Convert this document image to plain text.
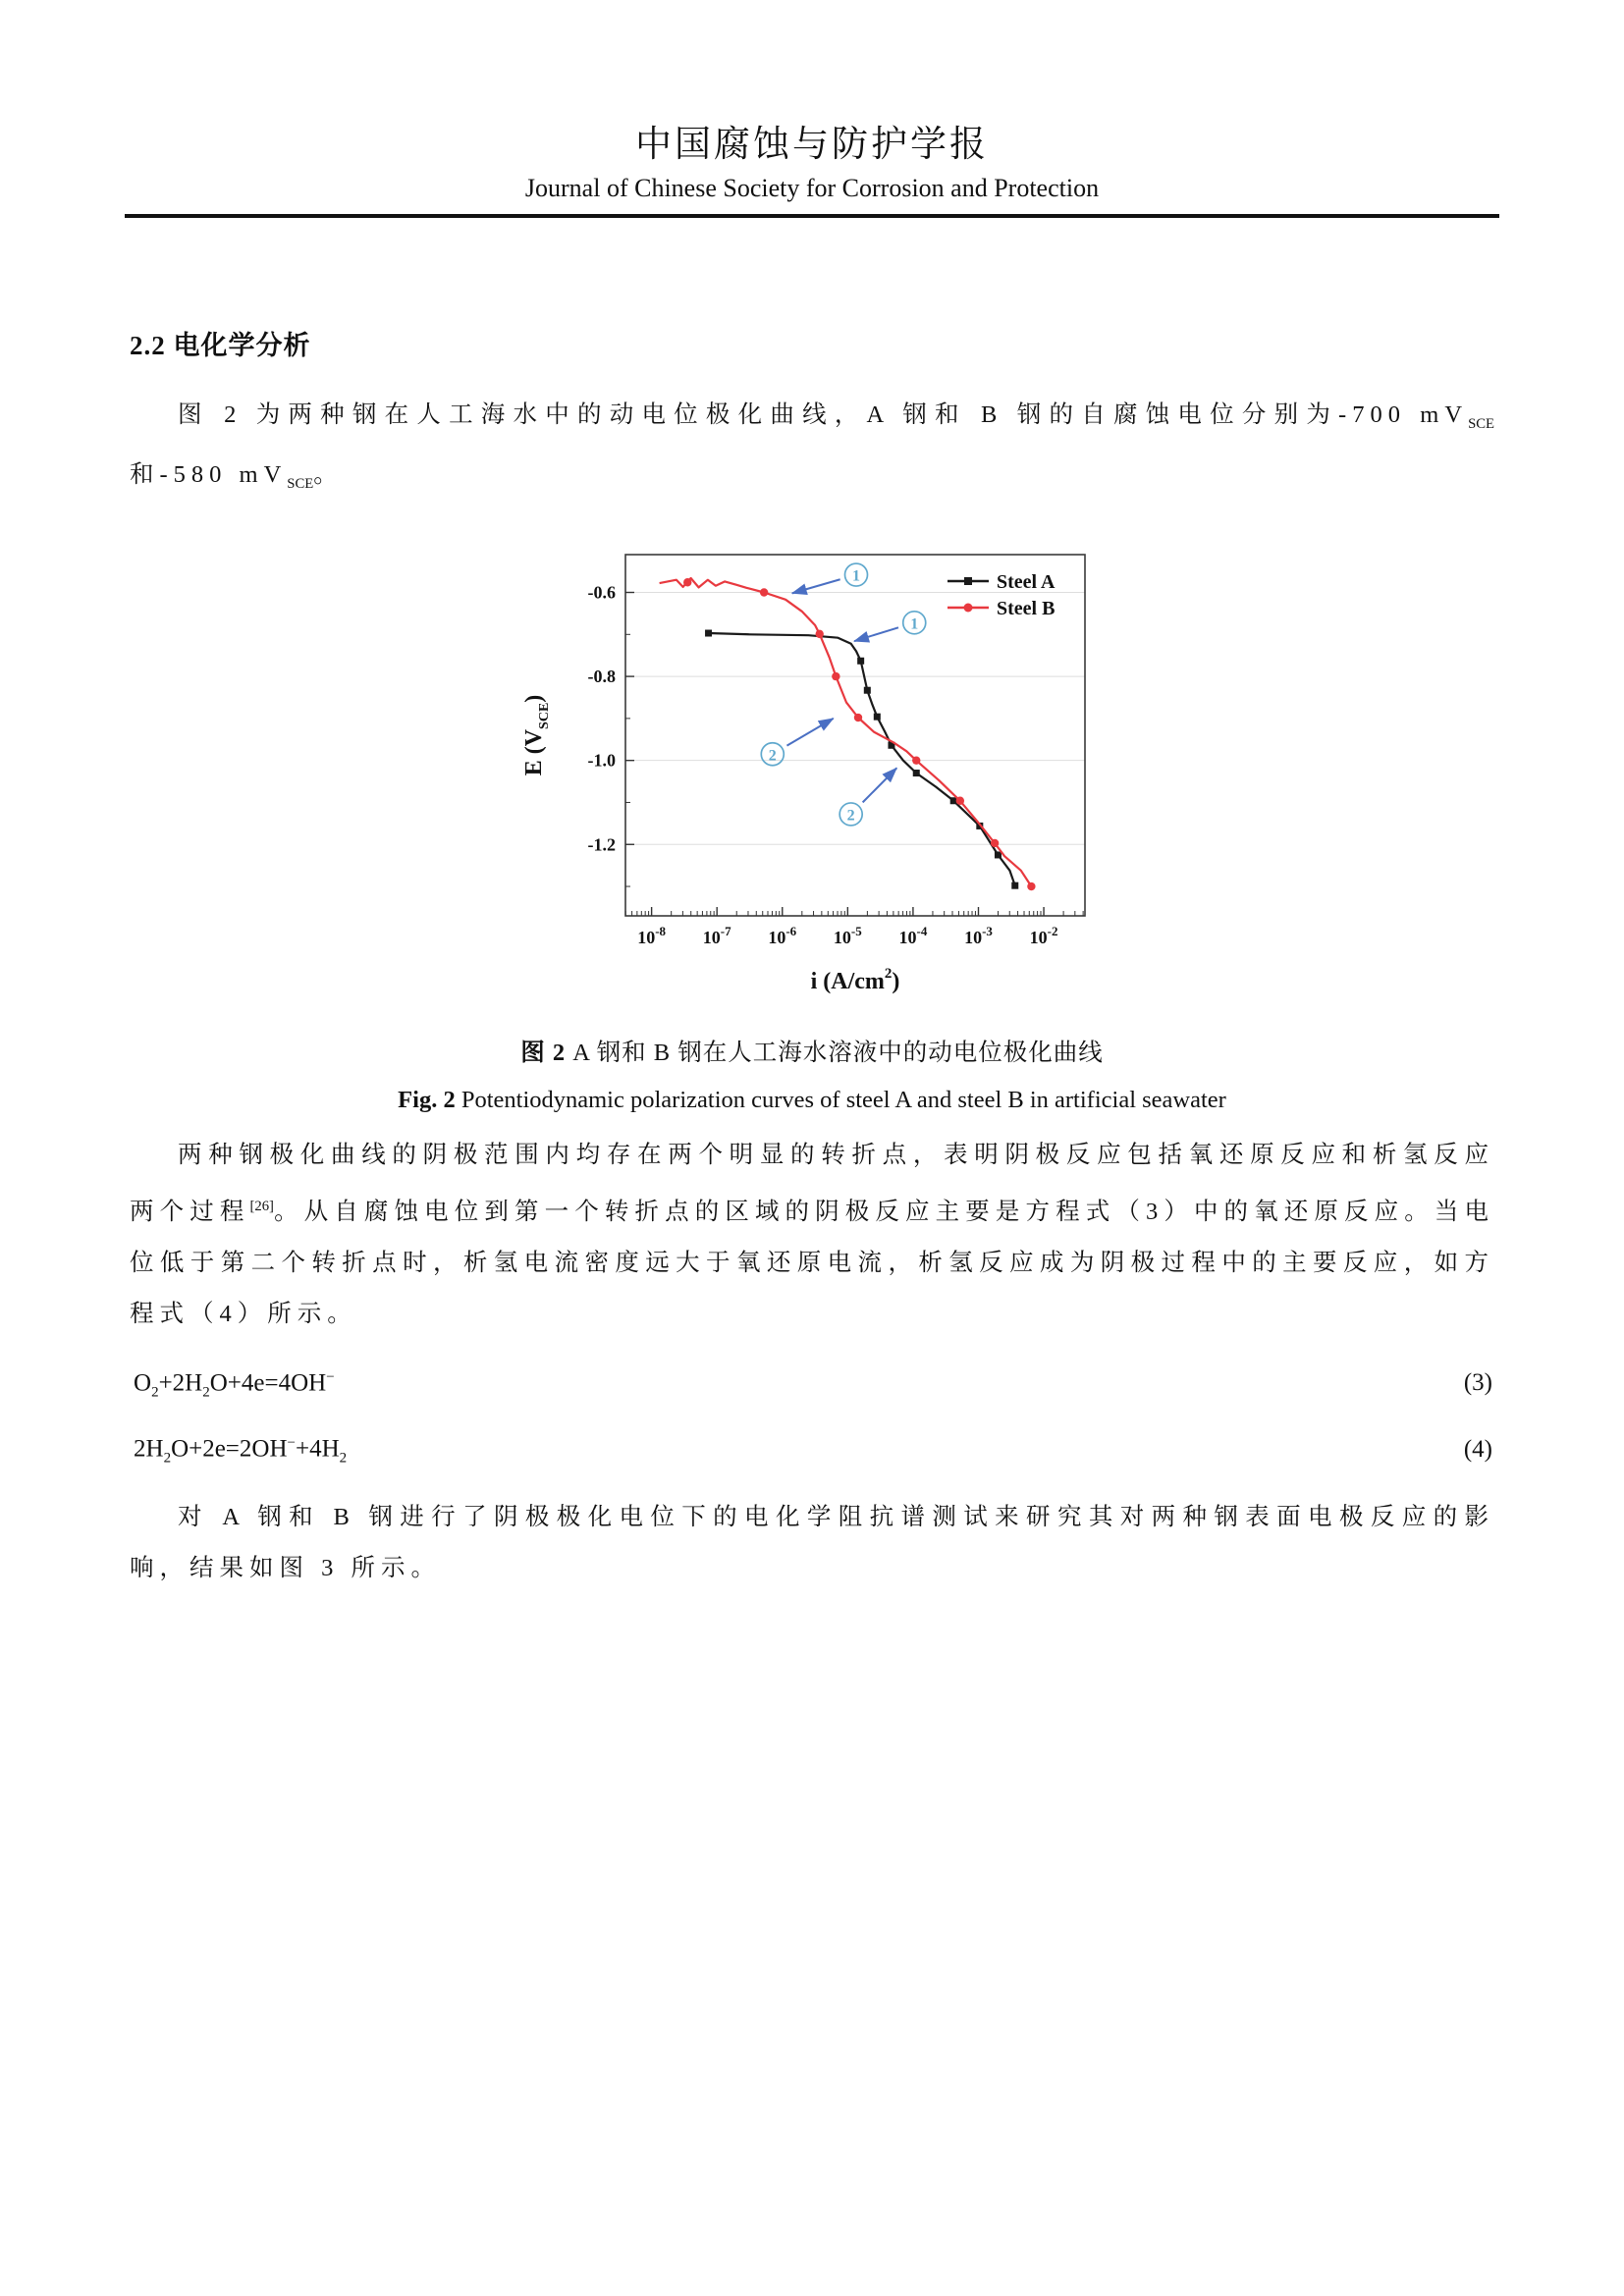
中国腐蚀与防护学报
Journal of Chinese Society for Corrosion and Protection
2.2 电化学分析

图 2 为两种钢在人工海水中的动电位极化曲线，A 钢和 B 钢的自腐蚀电位分别为-700 $mV_{SCE}$ 和-580 $mV_{SCE}$。

$10^{-8}$ $10^{-7}$ $10^{-6}$ $10^{-5}$ $10^{-4}$ $10^{-3}$ $10^{-2}$
-0.6
-0.8
-1.0
-1.2
Steel A
Steel B
1
1
2
2
i $(A/cm^2)$
E $(V_{SCE})$

图 2 A 钢和 B 钢在人工海水溶液中的动电位极化曲线

Fig. 2 Potentiodynamic polarization curves of steel A and steel B in artificial seawater

两种钢极化曲线的阴极范围内均存在两个明显的转折点，表明阴极反应包括氧还原反应和析氢反应两个过程[26]。从自腐蚀电位到第一个转折点的区域的阴极反应主要是方程式（3）中的氧还原反应。当电位低于第二个转折点时，析氢电流密度远大于氧还原电流，析氢反应成为阴极过程中的主要反应，如方程式（4）所示。

$O_2+2H_2O+4e=4OH^-$	(3)
$2H_2O+2e=2OH^-+4H_2$	(4)

对 A 钢和 B 钢进行了阴极极化电位下的电化学阻抗谱测试来研究其对两种钢表面电极反应的影响，结果如图 3 所示。
